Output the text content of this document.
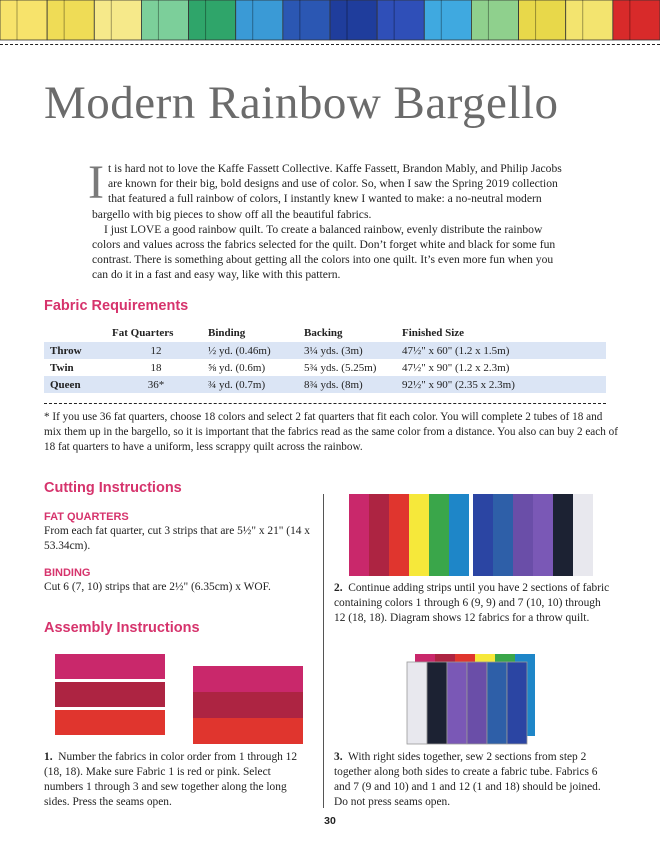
Modern Rainbow Bargello

It is hard not to love the Kaffe Fassett Collective. Kaffe Fassett, Brandon Mably, and Philip Jacobs are known for their big, bold designs and use of color. So, when I saw the Spring 2019 collection that featured a full rainbow of colors, I instantly knew I wanted to make: a no-neutral modern bargello with big pieces to show off all the beautiful fabrics.

I just LOVE a good rainbow quilt. To create a balanced rainbow, evenly distribute the rainbow colors and values across the fabrics selected for the quilt. Don’t forget white and black for some fun contrast. There is something about getting all the colors into one quilt. It’s even more fun when you can do it in a fast and easy way, like with this pattern.

Fabric Requirements
	Fat Quarters	Binding	Backing	Finished Size
Throw	12	½ yd. (0.46m)	3¼ yds. (3m)	47½" x 60" (1.2 x 1.5m)
Twin	18	⅝ yd. (0.6m)	5¾ yds. (5.25m)	47½" x 90" (1.2 x 2.3m)
Queen	36*	¾ yd. (0.7m)	8¾ yds. (8m)	92½" x 90" (2.35 x 2.3m)
* If you use 36 fat quarters, choose 18 colors and select 2 fat quarters that fit each color. You will complete 2 tubes of 18 and mix them up in the bargello, so it is important that the fabrics read as the same color from a distance. You also can buy 2 each of 18 fat quarters to have a uniform, less scrappy quilt across the rainbow.
Cutting Instructions
FAT QUARTERS
From each fat quarter, cut 3 strips that are 5½" x 21" (14 x 53.34cm).
BINDING
Cut 6 (7, 10) strips that are 2½" (6.35cm) x WOF.
Assembly Instructions
1. Number the fabrics in color order from 1 through 12 (18, 18). Make sure Fabric 1 is red or pink. Select numbers 1 through 3 and sew together along the long sides. Press the seams open.
2. Continue adding strips until you have 2 sections of fabric containing colors 1 through 6 (9, 9) and 7 (10, 10) through 12 (18, 18). Diagram shows 12 fabrics for a throw quilt.
3. With right sides together, sew 2 sections from step 2 together along both sides to create a fabric tube. Fabrics 6 and 7 (9 and 10) and 1 and 12 (1 and 18) should be joined. Do not press seams open.
30
